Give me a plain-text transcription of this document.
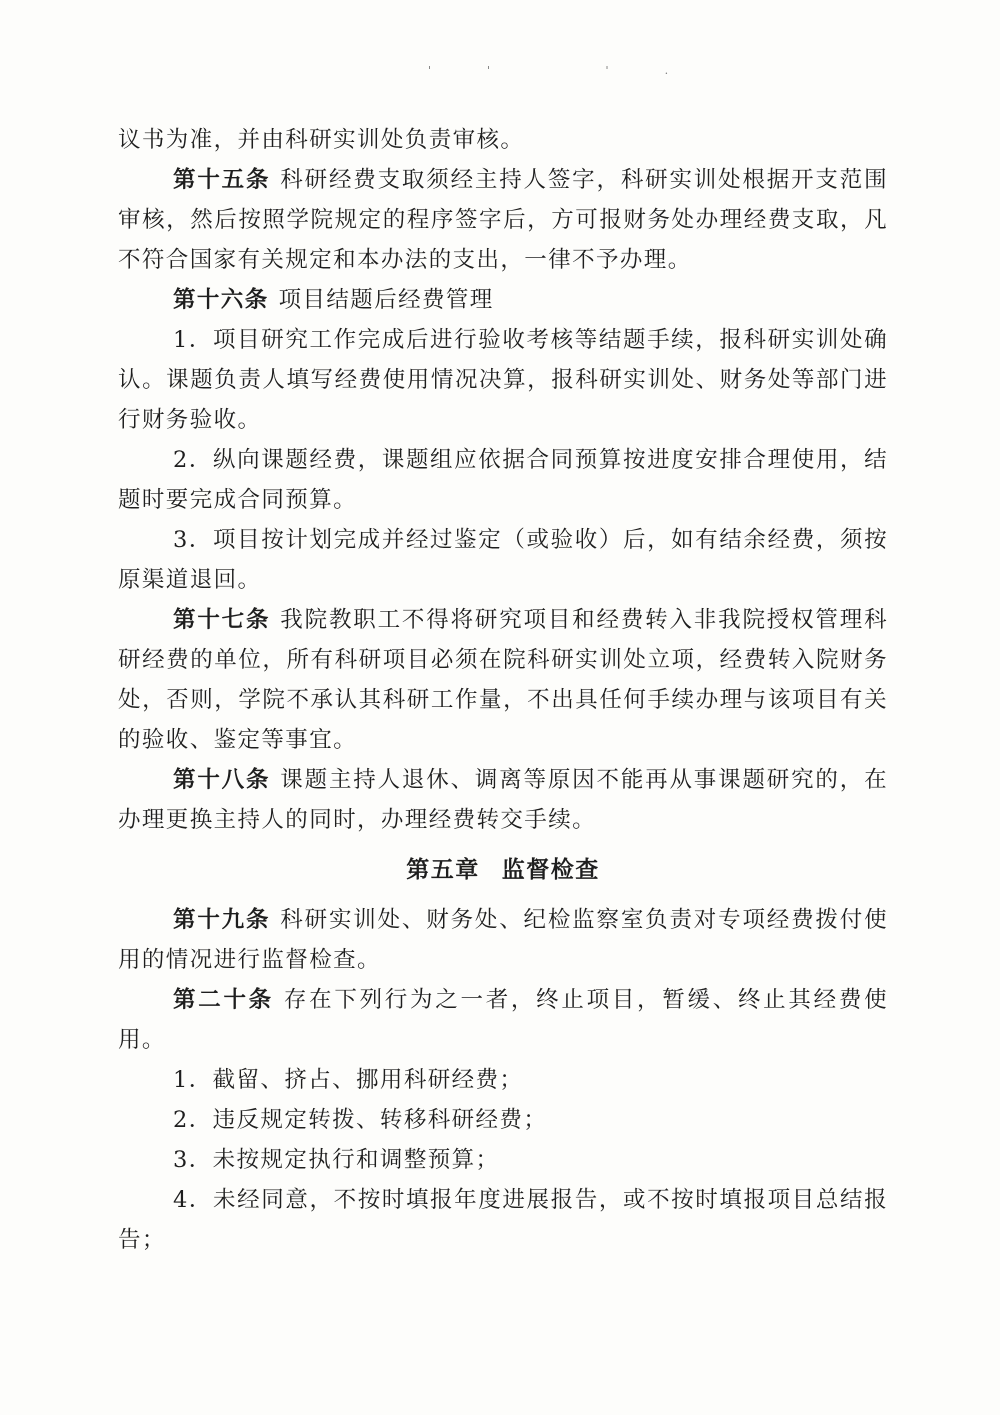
'' '.

议书为准，并由科研实训处负责审核。

第十五条 科研经费支取须经主持人签字，科研实训处根据开支范围审核，然后按照学院规定的程序签字后，方可报财务处办理经费支取，凡不符合国家有关规定和本办法的支出，一律不予办理。

第十六条 项目结题后经费管理

1．项目研究工作完成后进行验收考核等结题手续，报科研实训处确认。课题负责人填写经费使用情况决算，报科研实训处、财务处等部门进行财务验收。

2．纵向课题经费，课题组应依据合同预算按进度安排合理使用，结题时要完成合同预算。

3．项目按计划完成并经过鉴定（或验收）后，如有结余经费，须按原渠道退回。

第十七条 我院教职工不得将研究项目和经费转入非我院授权管理科研经费的单位，所有科研项目必须在院科研实训处立项，经费转入院财务处，否则，学院不承认其科研工作量，不出具任何手续办理与该项目有关的验收、鉴定等事宜。

第十八条 课题主持人退休、调离等原因不能再从事课题研究的，在办理更换主持人的同时，办理经费转交手续。

第五章 监督检查

第十九条 科研实训处、财务处、纪检监察室负责对专项经费拨付使用的情况进行监督检查。

第二十条 存在下列行为之一者，终止项目，暂缓、终止其经费使用。

1．截留、挤占、挪用科研经费；

2．违反规定转拨、转移科研经费；

3．未按规定执行和调整预算；

4．未经同意，不按时填报年度进展报告，或不按时填报项目总结报告；
